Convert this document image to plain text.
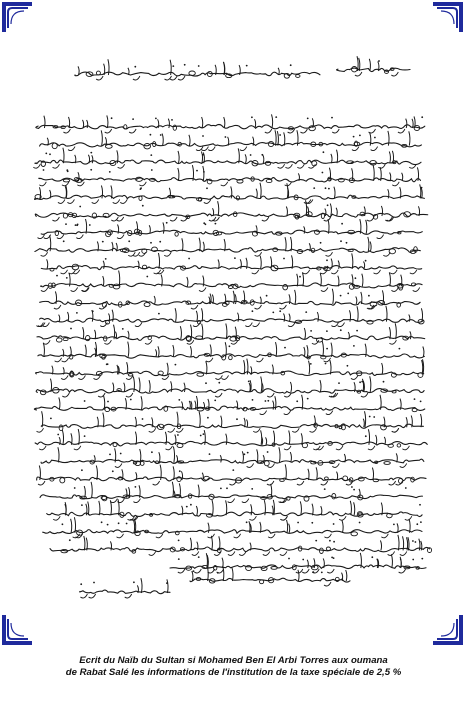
Ecrit du Naïb du Sultan si Mohamed Ben El Arbi Torres aux oumana
de Rabat Salé les informations de l'institution de la taxe spéciale de 2,5 %
